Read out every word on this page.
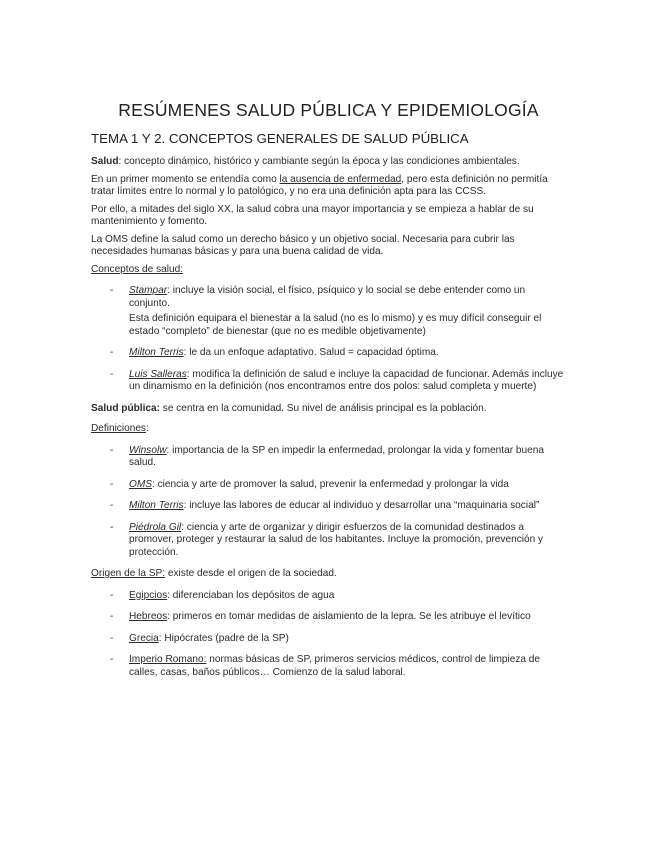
RESÚMENES SALUD PÚBLICA Y EPIDEMIOLOGÍA
TEMA 1 Y 2. CONCEPTOS GENERALES DE SALUD PÚBLICA

Salud: concepto dinámico, histórico y cambiante según la época y las condiciones ambientales.

En un primer momento se entendía como la ausencia de enfermedad, pero esta definición no permitía tratar límites entre lo normal y lo patológico, y no era una definición apta para las CCSS.

Por ello, a mitades del siglo XX, la salud cobra una mayor importancia y se empieza a hablar de su mantenimiento y fomento.

La OMS define la salud como un derecho básico y un objetivo social. Necesaria para cubrir las necesidades humanas básicas y para una buena calidad de vida.

Conceptos de salud:
- Stampar: incluye la visión social, el físico, psíquico y lo social se debe entender como un conjunto.
Esta definición equipara el bienestar a la salud (no es lo mismo) y es muy difícil conseguir el estado “completo” de bienestar (que no es medible objetivamente)
- Milton Terris: le da un enfoque adaptativo. Salud = capacidad óptima.
- Luis Salleras: modifica la definición de salud e incluye la capacidad de funcionar. Además incluye un dinamismo en la definición (nos encontramos entre dos polos: salud completa y muerte)

Salud pública: se centra en la comunidad. Su nivel de análisis principal es la población.

Definiciones:
- Winsolw: importancia de la SP en impedir la enfermedad, prolongar la vida y fomentar buena salud.
- OMS: ciencia y arte de promover la salud, prevenir la enfermedad y prolongar la vida
- Milton Terris: incluye las labores de educar al individuo y desarrollar una “maquinaria social”
- Piédrola Gil: ciencia y arte de organizar y dirigir esfuerzos de la comunidad destinados a promover, proteger y restaurar la salud de los habitantes. Incluye la promoción, prevención y protección.

Origen de la SP: existe desde el origen de la sociedad.

- Egipcios: diferenciaban los depósitos de agua
- Hebreos: primeros en tomar medidas de aislamiento de la lepra. Se les atribuye el levítico
- Grecia: Hipócrates (padre de la SP)
- Imperio Romano: normas básicas de SP, primeros servicios médicos, control de limpieza de calles, casas, baños públicos… Comienzo de la salud laboral.
